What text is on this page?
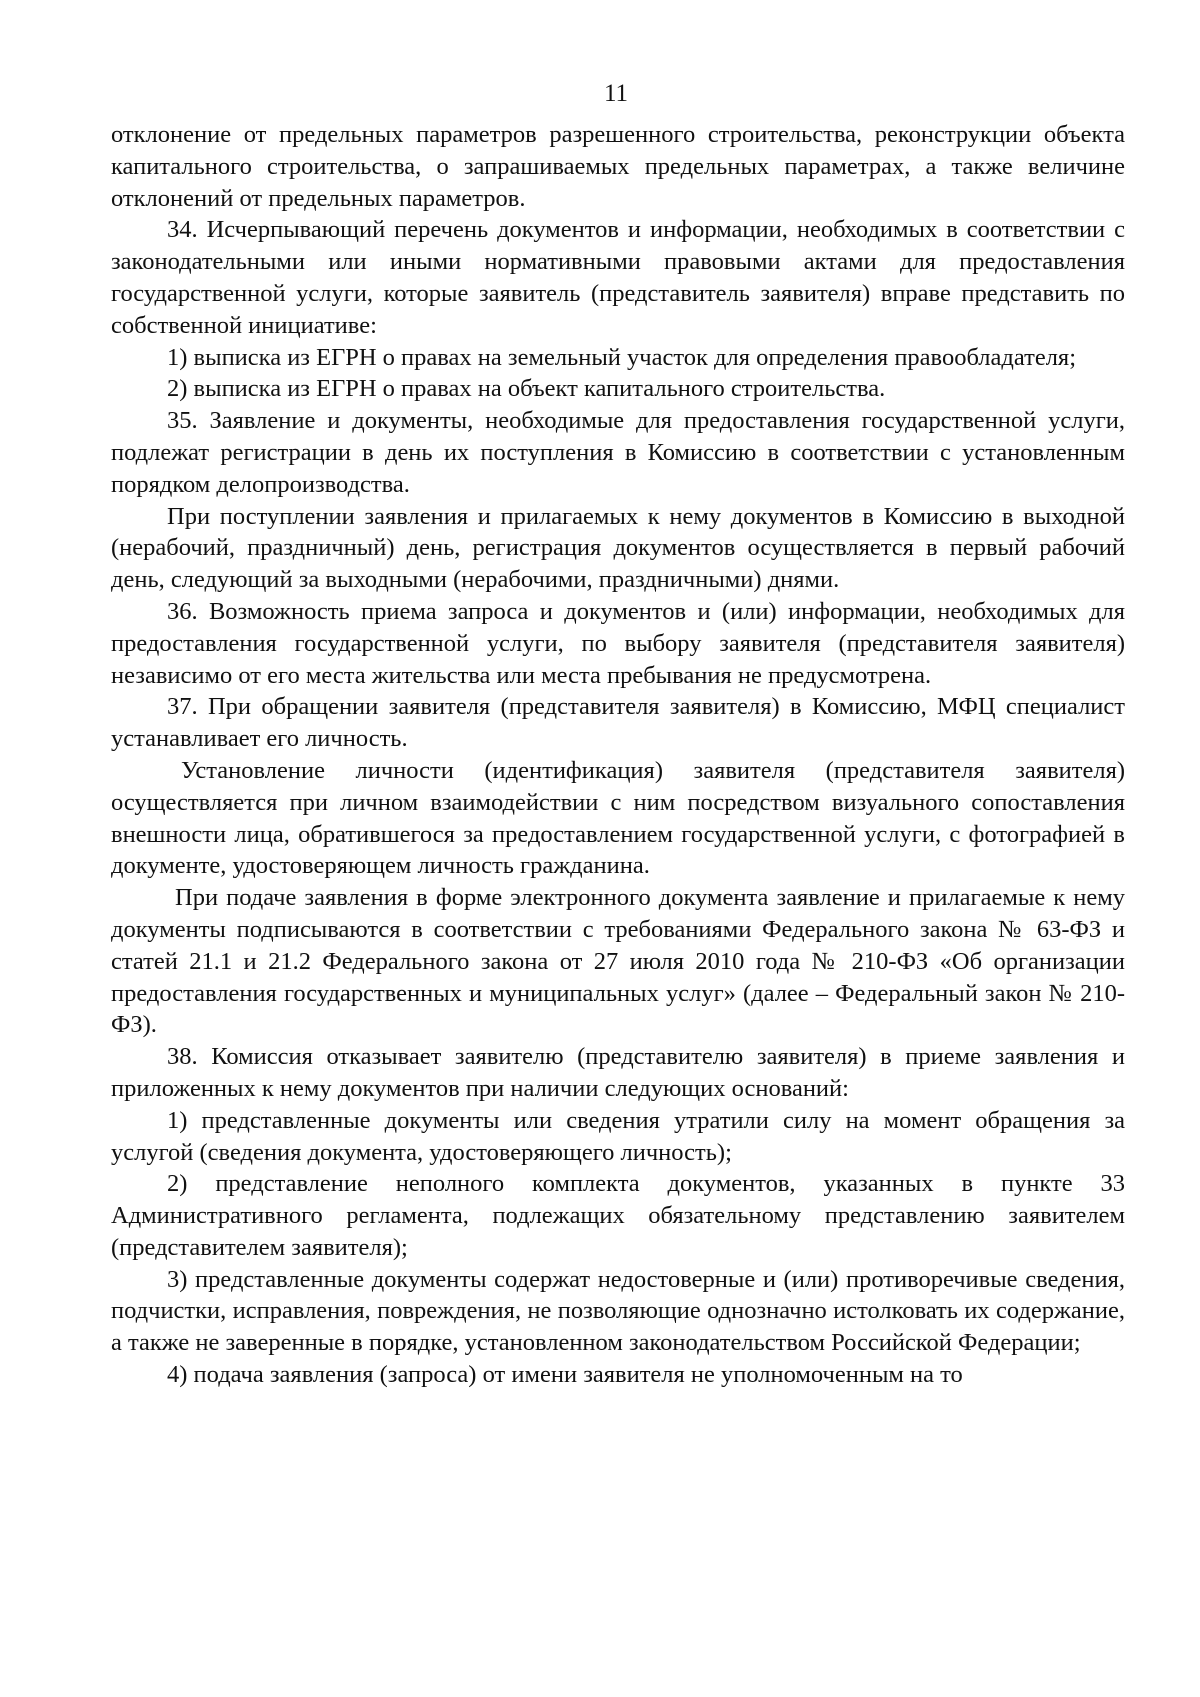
11

отклонение от предельных параметров разрешенного строительства, реконструкции объекта капитального строительства, о запрашиваемых предельных параметрах, а также величине отклонений от предельных параметров.

34. Исчерпывающий перечень документов и информации, необходимых в соответствии с законодательными или иными нормативными правовыми актами для предоставления государственной услуги, которые заявитель (представитель заявителя) вправе представить по собственной инициативе:

1) выписка из ЕГРН о правах на земельный участок для определения правообладателя;

2) выписка из ЕГРН о правах на объект капитального строительства.

35. Заявление и документы, необходимые для предоставления государственной услуги, подлежат регистрации в день их поступления в Комиссию в соответствии с установленным порядком делопроизводства.

При поступлении заявления и прилагаемых к нему документов в Комиссию в выходной (нерабочий, праздничный) день, регистрация документов осуществляется в первый рабочий день, следующий за выходными (нерабочими, праздничными) днями.

36. Возможность приема запроса и документов и (или) информации, необходимых для предоставления государственной услуги, по выбору заявителя (представителя заявителя) независимо от его места жительства или места пребывания не предусмотрена.

37. При обращении заявителя (представителя заявителя) в Комиссию, МФЦ специалист устанавливает его личность.

Установление личности (идентификация) заявителя (представителя заявителя) осуществляется при личном взаимодействии с ним посредством визуального сопоставления внешности лица, обратившегося за предоставлением государственной услуги, с фотографией в документе, удостоверяющем личность гражданина.

При подаче заявления в форме электронного документа заявление и прилагаемые к нему документы подписываются в соответствии с требованиями Федерального закона № 63-ФЗ и статей 21.1 и 21.2 Федерального закона от 27 июля 2010 года № 210-ФЗ «Об организации предоставления государственных и муниципальных услуг» (далее – Федеральный закон № 210-ФЗ).

38. Комиссия отказывает заявителю (представителю заявителя) в приеме заявления и приложенных к нему документов при наличии следующих оснований:

1) представленные документы или сведения утратили силу на момент обращения за услугой (сведения документа, удостоверяющего личность);

2) представление неполного комплекта документов, указанных в пункте 33 Административного регламента, подлежащих обязательному представлению заявителем (представителем заявителя);

3) представленные документы содержат недостоверные и (или) противоречивые сведения, подчистки, исправления, повреждения, не позволяющие однозначно истолковать их содержание, а также не заверенные в порядке, установленном законодательством Российской Федерации;

4) подача заявления (запроса) от имени заявителя не уполномоченным на то
